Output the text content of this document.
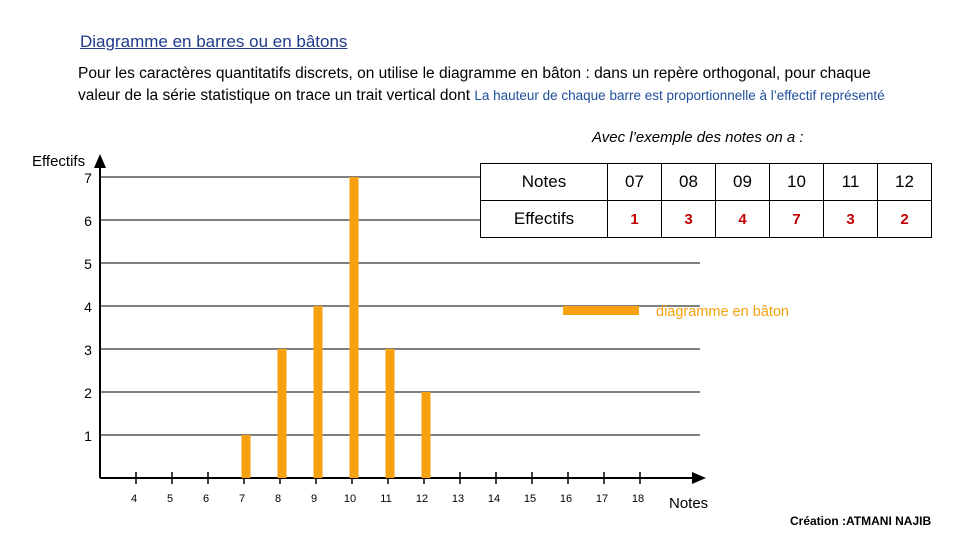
Diagramme en barres ou en bâtons
Pour les caractères quantitatifs discrets, on utilise le diagramme en bâton : dans un repère orthogonal, pour chaque valeur de la série statistique on trace un trait vertical dont La hauteur de chaque barre est proportionnelle à l’effectif représenté
Avec l’exemple des notes on a :
4	5	6	7	8	9 10 11 12 13 14 15 16 17 18
1
2
3
4
5
6
7
Effectifs
Notes
diagramme en bâton
Notes	07	08	09	10	11	12
Effectifs	1	3	4	7	3	2
Création :ATMANI NAJIB
